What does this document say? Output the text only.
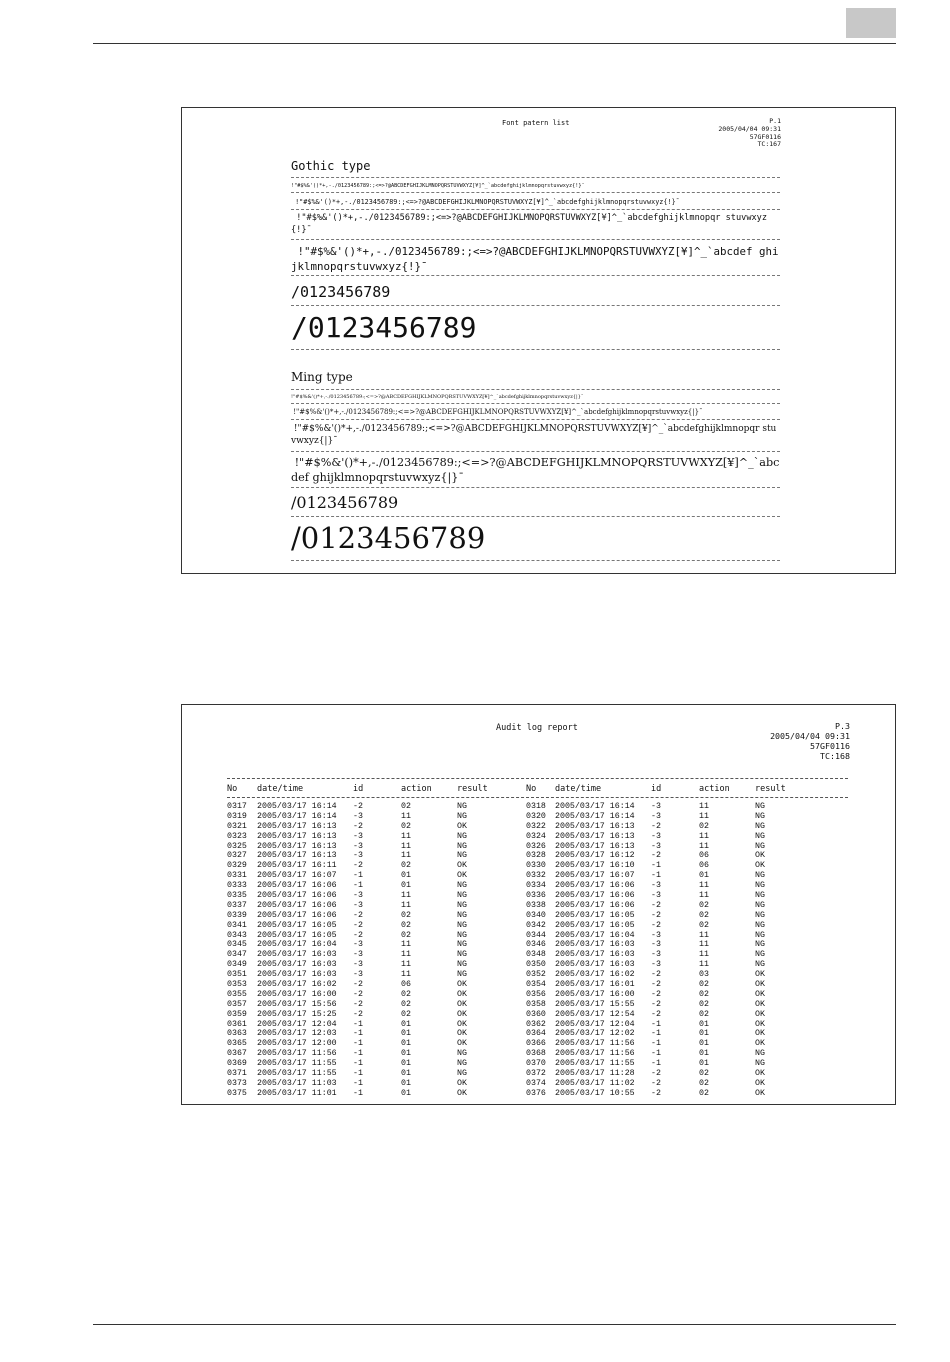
Font patern list	P.1
2005/04/04 09:31
57GF0116
TC:167
Gothic type
!"#$%&'()*+,-./0123456789:;<=>?@ABCDEFGHIJKLMNOPQRSTUVWXYZ[¥]^_`abcdefghijklmnopqrstuvwxyz{!}¯
!"#$%&'()*+,-./0123456789:;<=>?@ABCDEFGHIJKLMNOPQRSTUVWXYZ[¥]^_`abcdefghijklmnopqrstuvwxyz{!}¯
!"#$%&'()*+,-./0123456789:;<=>?@ABCDEFGHIJKLMNOPQRSTUVWXYZ[¥]^_`abcdefghijklmnopqr stuvwxyz{!}¯
!"#$%&'()*+,-./0123456789:;<=>?@ABCDEFGHIJKLMNOPQRSTUVWXYZ[¥]^_`abcdef ghijklmnopqrstuvwxyz{!}¯
/0123456789
/0123456789
Ming type
!"#$%&'()*+,-./0123456789:;<=>?@ABCDEFGHIJKLMNOPQRSTUVWXYZ[¥]^_`abcdefghijklmnopqrstuvwxyz{|}¯
!"#$%&'()*+,-./0123456789:;<=>?@ABCDEFGHIJKLMNOPQRSTUVWXYZ[¥]^_`abcdefghijklmnopqrstuvwxyz{|}¯
!"#$%&'()*+,-./0123456789:;<=>?@ABCDEFGHIJKLMNOPQRSTUVWXYZ[¥]^_`abcdefghijklmnopqr stuvwxyz{|}¯
!"#$%&'()*+,-./0123456789:;<=>?@ABCDEFGHIJKLMNOPQRSTUVWXYZ[¥]^_`abcdef ghijklmnopqrstuvwxyz{|}¯
/0123456789
/0123456789
Audit log report	P.3
2005/04/04 09:31
57GF0116
TC:168
No date/time	id	action	result	No date/time	id	action	result
0317 2005/03/17 16:14 -2	02	NG	0318 2005/03/17 16:14 -3	11	NG
0319 2005/03/17 16:14 -3	11	NG	0320 2005/03/17 16:14 -3	11	NG
0321 2005/03/17 16:13 -2	02	OK	0322 2005/03/17 16:13 -2	02	NG
0323 2005/03/17 16:13 -3	11	NG	0324 2005/03/17 16:13 -3	11	NG
0325 2005/03/17 16:13 -3	11	NG	0326 2005/03/17 16:13 -3	11	NG
0327 2005/03/17 16:13 -3	11	NG	0328 2005/03/17 16:12 -2	06	OK
0329 2005/03/17 16:11 -2	02	OK	0330 2005/03/17 16:10 -1	06	OK
0331 2005/03/17 16:07 -1	01	OK	0332 2005/03/17 16:07 -1	01	NG
0333 2005/03/17 16:06 -1	01	NG	0334 2005/03/17 16:06 -3	11	NG
0335 2005/03/17 16:06 -3	11	NG	0336 2005/03/17 16:06 -3	11	NG
0337 2005/03/17 16:06 -3	11	NG	0338 2005/03/17 16:06 -2	02	NG
0339 2005/03/17 16:06 -2	02	NG	0340 2005/03/17 16:05 -2	02	NG
0341 2005/03/17 16:05 -2	02	NG	0342 2005/03/17 16:05 -2	02	NG
0343 2005/03/17 16:05 -2	02	NG	0344 2005/03/17 16:04 -3	11	NG
0345 2005/03/17 16:04 -3	11	NG	0346 2005/03/17 16:03 -3	11	NG
0347 2005/03/17 16:03 -3	11	NG	0348 2005/03/17 16:03 -3	11	NG
0349 2005/03/17 16:03 -3	11	NG	0350 2005/03/17 16:03 -3	11	NG
0351 2005/03/17 16:03 -3	11	NG	0352 2005/03/17 16:02 -2	03	OK
0353 2005/03/17 16:02 -2	06	OK	0354 2005/03/17 16:01 -2	02	OK
0355 2005/03/17 16:00 -2	02	OK	0356 2005/03/17 16:00 -2	02	OK
0357 2005/03/17 15:56 -2	02	OK	0358 2005/03/17 15:55 -2	02	OK
0359 2005/03/17 15:25 -2	02	OK	0360 2005/03/17 12:54 -2	02	OK
0361 2005/03/17 12:04 -1	01	OK	0362 2005/03/17 12:04 -1	01	OK
0363 2005/03/17 12:03 -1	01	OK	0364 2005/03/17 12:02 -1	01	OK
0365 2005/03/17 12:00 -1	01	OK	0366 2005/03/17 11:56 -1	01	OK
0367 2005/03/17 11:56 -1	01	NG	0368 2005/03/17 11:56 -1	01	NG
0369 2005/03/17 11:55 -1	01	NG	0370 2005/03/17 11:55 -1	01	NG
0371 2005/03/17 11:55 -1	01	NG	0372 2005/03/17 11:28 -2	02	OK
0373 2005/03/17 11:03 -1	01	OK	0374 2005/03/17 11:02 -2	02	OK
0375 2005/03/17 11:01 -1	01	OK	0376 2005/03/17 10:55 -2	02	OK
